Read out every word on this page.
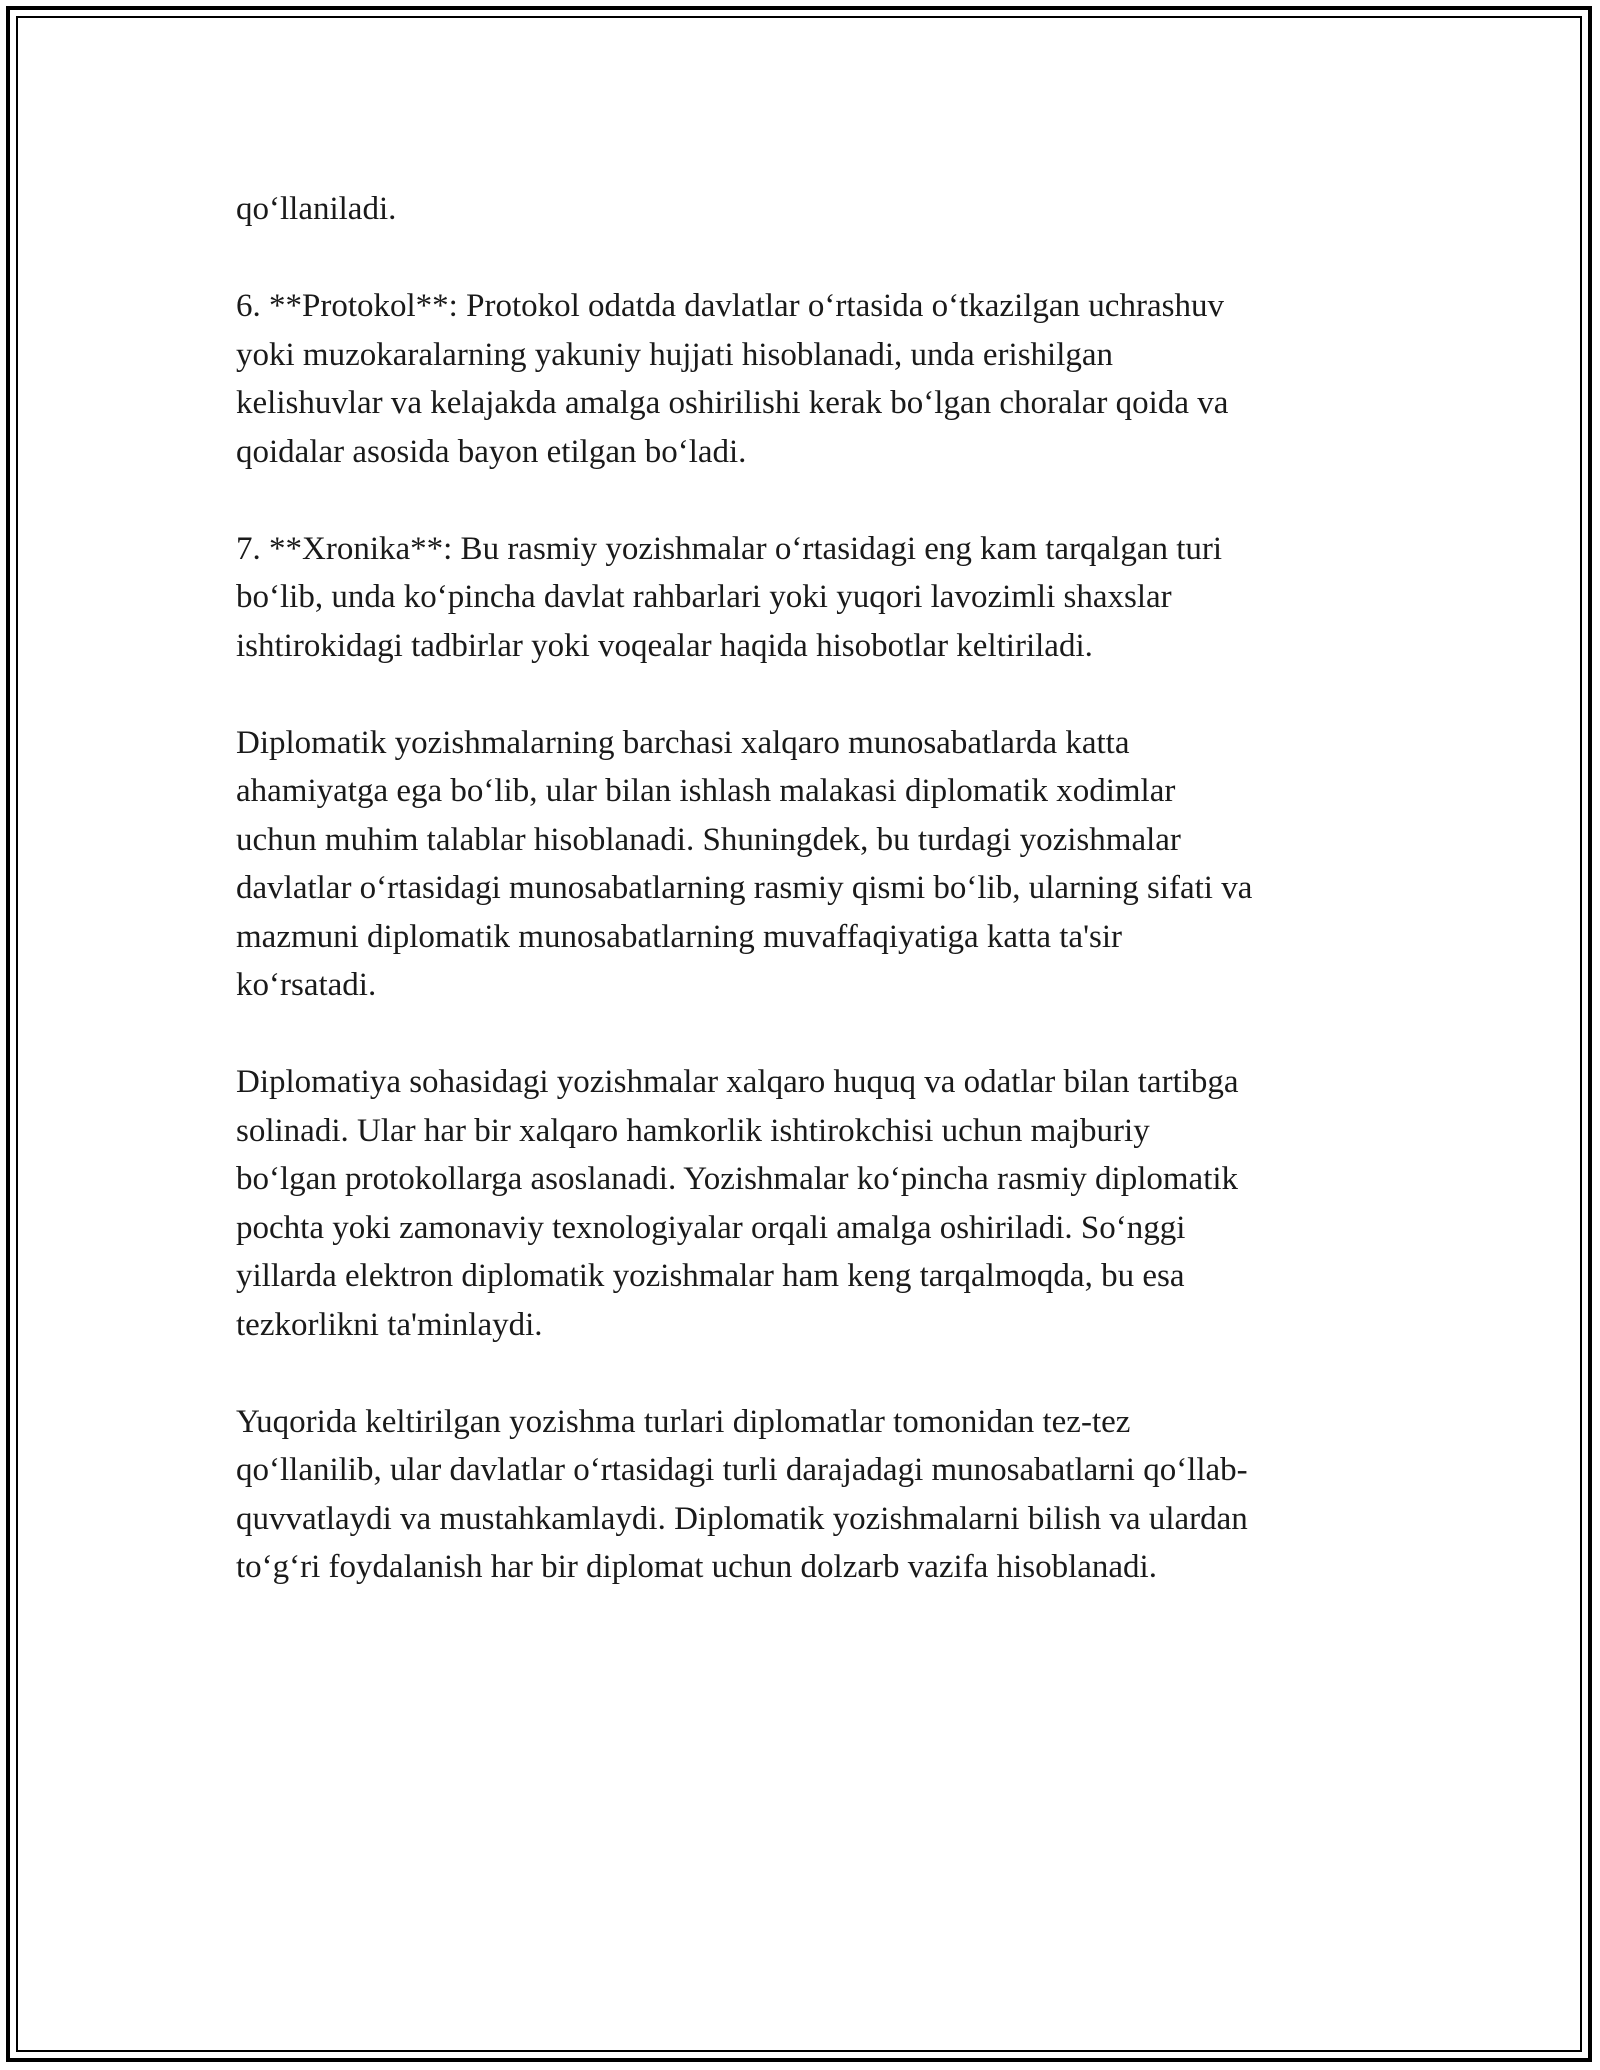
qo‘llaniladi.

6. **Protokol**: Protokol odatda davlatlar o‘rtasida o‘tkazilgan uchrashuv
yoki muzokaralarning yakuniy hujjati hisoblanadi, unda erishilgan
kelishuvlar va kelajakda amalga oshirilishi kerak bo‘lgan choralar qoida va
qoidalar asosida bayon etilgan bo‘ladi.

7. **Xronika**: Bu rasmiy yozishmalar o‘rtasidagi eng kam tarqalgan turi
bo‘lib, unda ko‘pincha davlat rahbarlari yoki yuqori lavozimli shaxslar
ishtirokidagi tadbirlar yoki voqealar haqida hisobotlar keltiriladi.

Diplomatik yozishmalarning barchasi xalqaro munosabatlarda katta
ahamiyatga ega bo‘lib, ular bilan ishlash malakasi diplomatik xodimlar
uchun muhim talablar hisoblanadi. Shuningdek, bu turdagi yozishmalar
davlatlar o‘rtasidagi munosabatlarning rasmiy qismi bo‘lib, ularning sifati va
mazmuni diplomatik munosabatlarning muvaffaqiyatiga katta ta'sir
ko‘rsatadi.

Diplomatiya sohasidagi yozishmalar xalqaro huquq va odatlar bilan tartibga
solinadi. Ular har bir xalqaro hamkorlik ishtirokchisi uchun majburiy
bo‘lgan protokollarga asoslanadi. Yozishmalar ko‘pincha rasmiy diplomatik
pochta yoki zamonaviy texnologiyalar orqali amalga oshiriladi. So‘nggi
yillarda elektron diplomatik yozishmalar ham keng tarqalmoqda, bu esa
tezkorlikni ta'minlaydi.

Yuqorida keltirilgan yozishma turlari diplomatlar tomonidan tez-tez
qo‘llanilib, ular davlatlar o‘rtasidagi turli darajadagi munosabatlarni qo‘llab-
quvvatlaydi va mustahkamlaydi. Diplomatik yozishmalarni bilish va ulardan
to‘g‘ri foydalanish har bir diplomat uchun dolzarb vazifa hisoblanadi.
